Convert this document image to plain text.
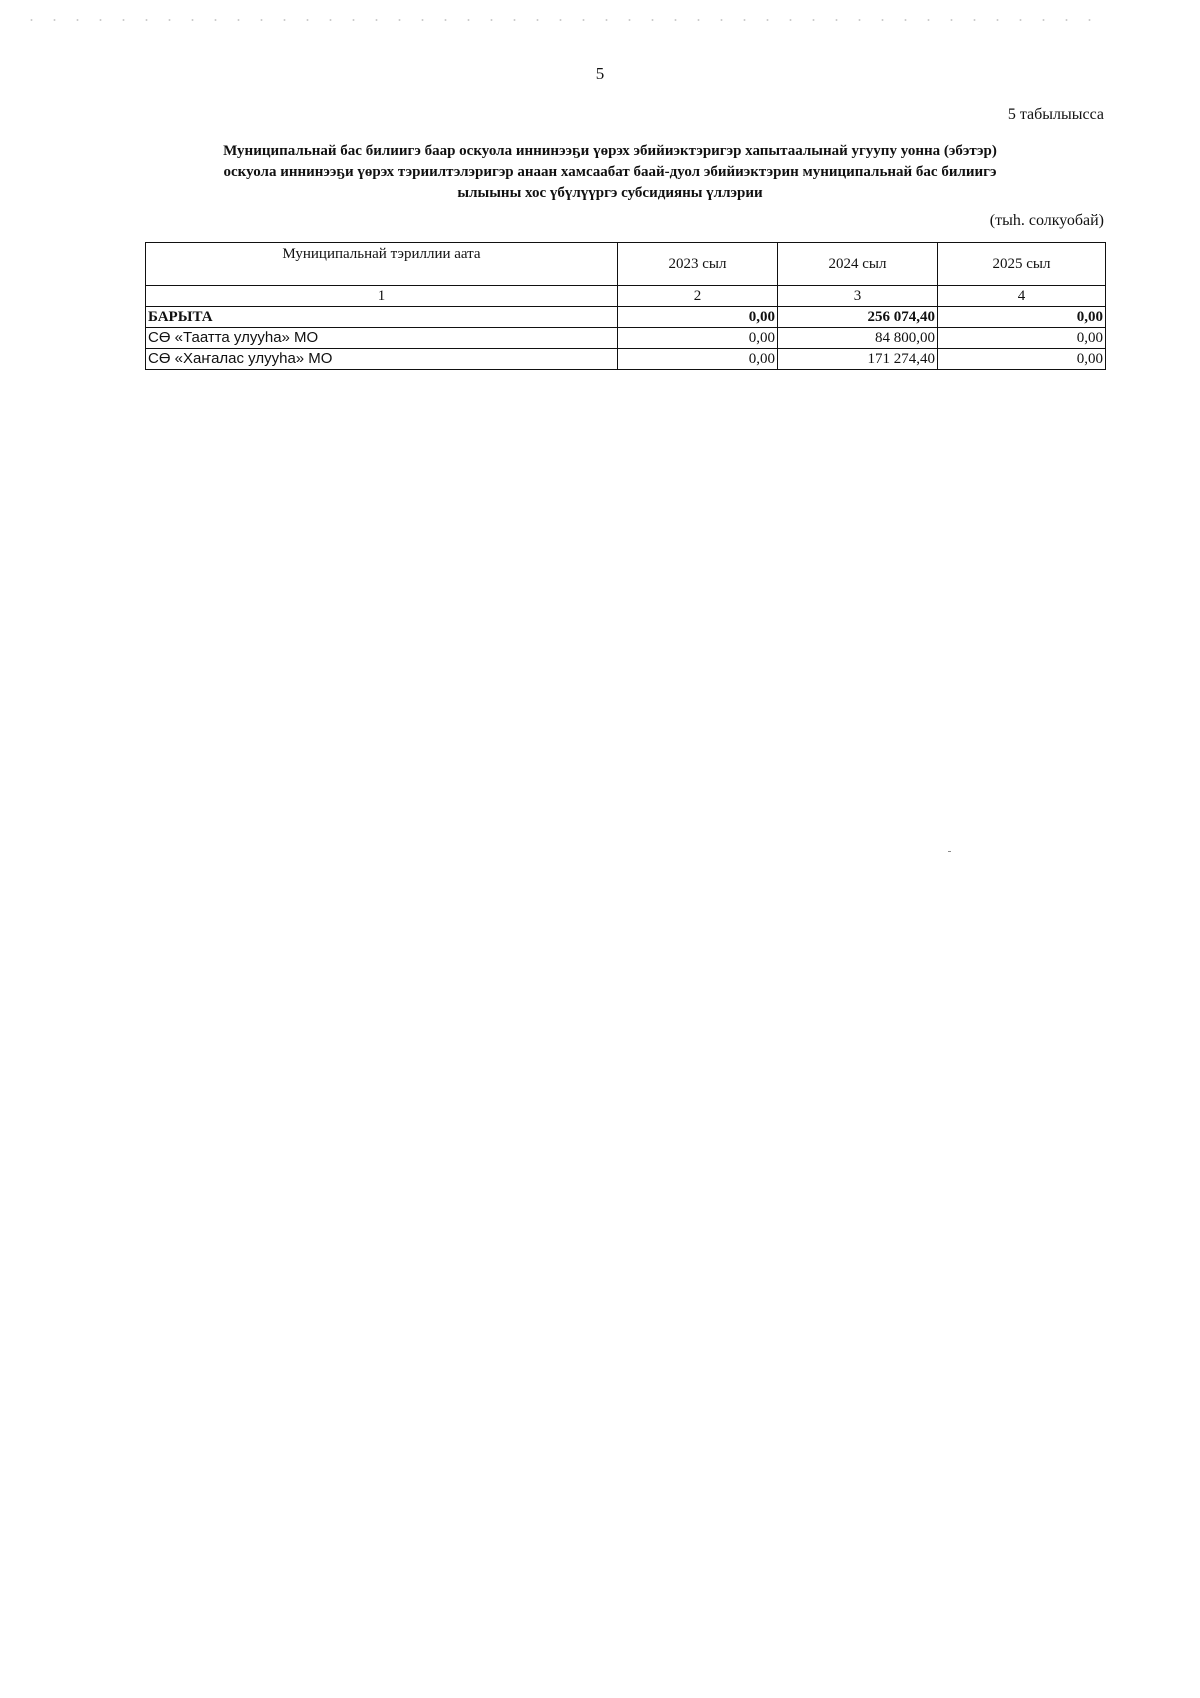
5
5 табылыысса
Муниципальнай бас билиигэ баар оскуола иннинээҕи үөрэх эбийиэктэригэр хапытаалынай угуупу уонна (эбэтэр)
оскуола иннинээҕи үөрэх тэриилтэлэригэр анаан хамсаабат баай-дуол эбийиэктэрин муниципальнай бас билиигэ
ылыыны хос үбүлүүргэ субсидияны үллэрии
(тыһ. солкуобай)
Муниципальнай тэриллии аата	2023 сыл	2024 сыл	2025 сыл
1	2	3	4
БАРЫТА	0,00	256 074,40	0,00
СӨ «Таатта улууһа» МО	0,00	84 800,00	0,00
СӨ «Хаҥалас улууһа» МО	0,00	171 274,40	0,00
